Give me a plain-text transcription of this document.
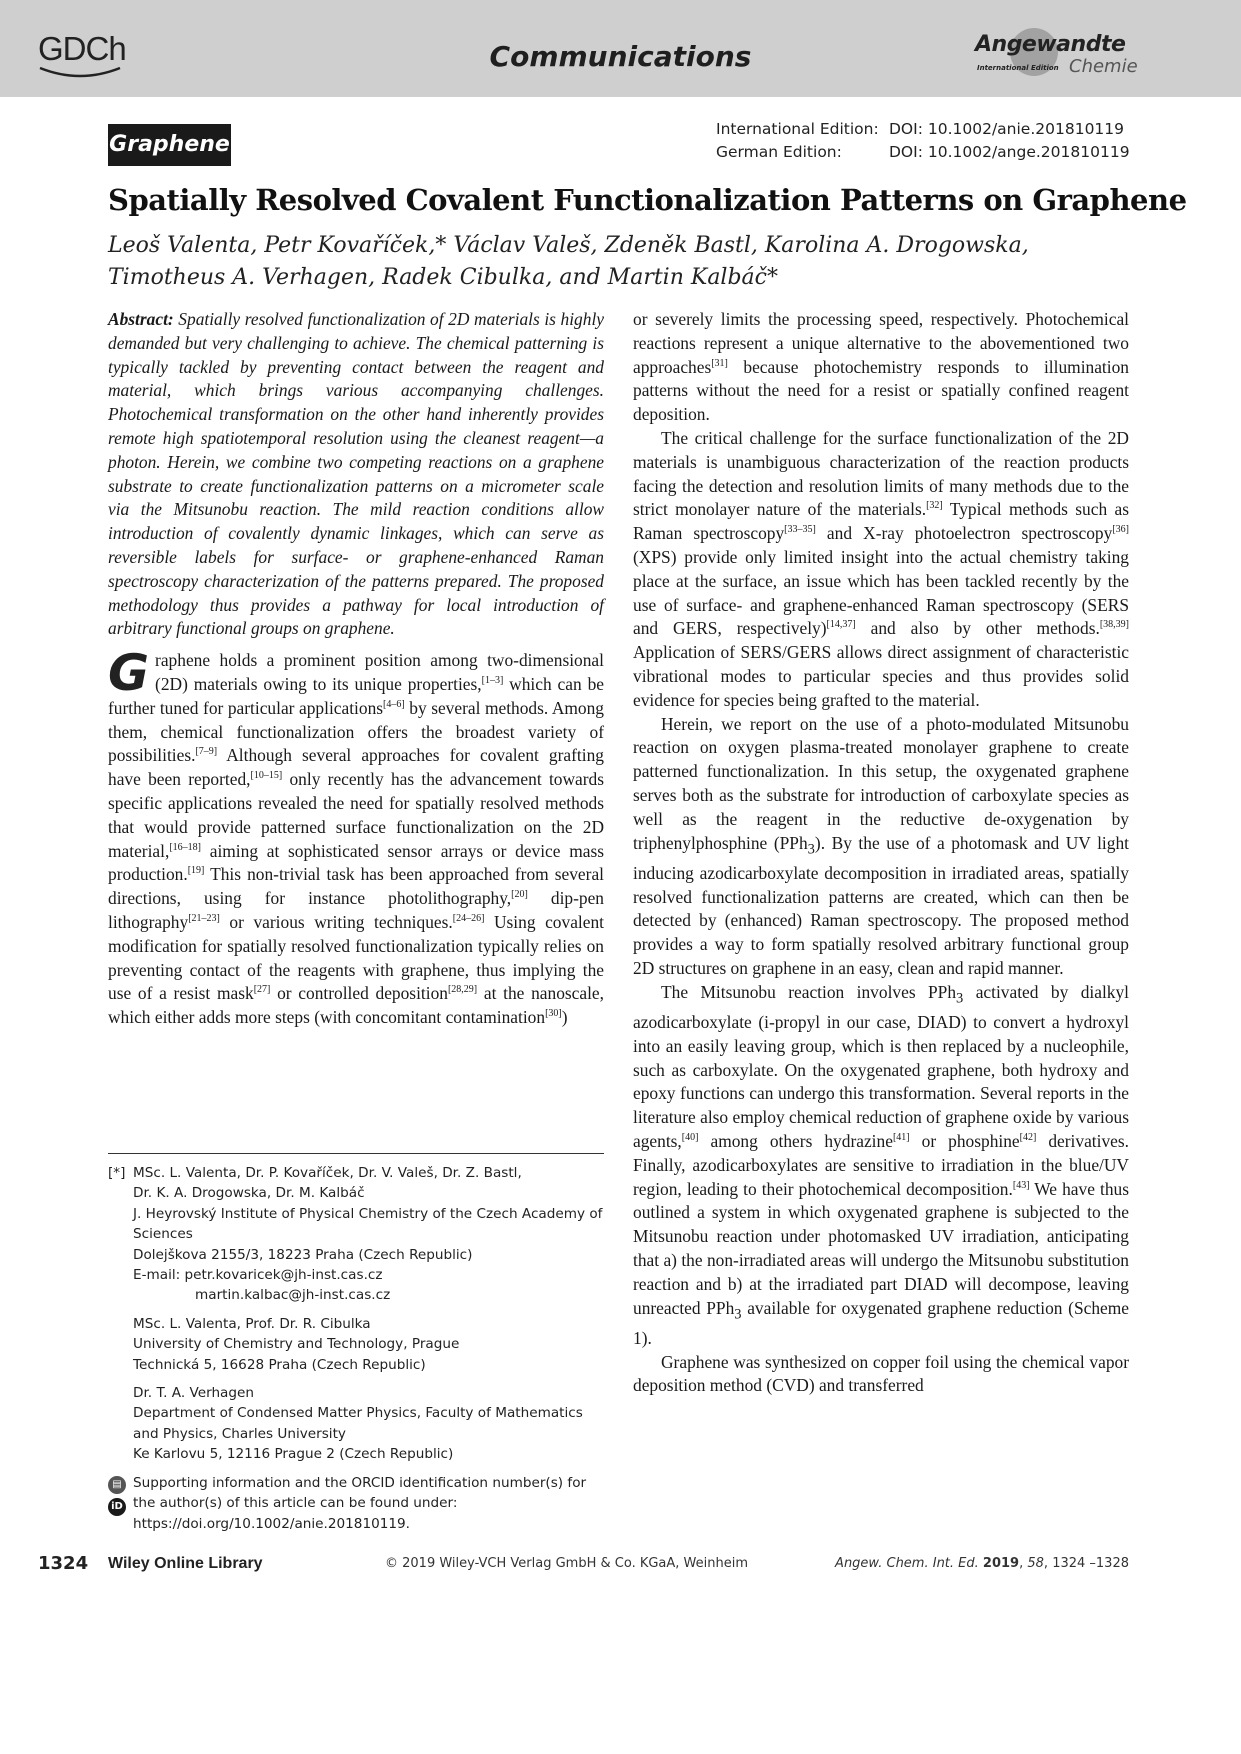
GDCh	Communications	Angewandte
International Edition Chemie
Graphene
International Edition: DOI: 10.1002/anie.201810119
German Edition:	DOI: 10.1002/ange.201810119
Spatially Resolved Covalent Functionalization Patterns on Graphene

Leoš Valenta, Petr Kovaříček,* Václav Valeš, Zdeněk Bastl, Karolina A. Drogowska,

Timotheus A. Verhagen, Radek Cibulka, and Martin Kalbáč*

Abstract: Spatially resolved functionalization of 2D materials is highly demanded but very challenging to achieve. The chemical patterning is typically tackled by preventing contact between the reagent and material, which brings various accompanying challenges. Photochemical transformation on the other hand inherently provides remote high spatiotemporal resolution using the cleanest reagent—a photon. Herein, we combine two competing reactions on a graphene substrate to create functionalization patterns on a micrometer scale via the Mitsunobu reaction. The mild reaction conditions allow introduction of covalently dynamic linkages, which can serve as reversible labels for surface- or graphene-enhanced Raman spectroscopy characterization of the patterns prepared. The proposed methodology thus provides a pathway for local introduction of arbitrary functional groups on graphene.

Graphene holds a prominent position among two-dimensional (2D) materials owing to its unique properties,[1–3] which can be further tuned for particular applications[4–6] by several methods. Among them, chemical functionalization offers the broadest variety of possibilities.[7–9] Although several approaches for covalent grafting have been reported,[10–15] only recently has the advancement towards specific applications revealed the need for spatially resolved methods that would provide patterned surface functionalization on the 2D material,[16–18] aiming at sophisticated sensor arrays or device mass production.[19] This non-trivial task has been approached from several directions, using for instance photolithography,[20] dip-pen lithography[21–23] or various writing techniques.[24–26] Using covalent modification for spatially resolved functionalization typically relies on preventing contact of the reagents with graphene, thus implying the use of a resist mask[27] or controlled deposition[28,29] at the nanoscale, which either adds more steps (with concomitant contamination[30])

or severely limits the processing speed, respectively. Photochemical reactions represent a unique alternative to the abovementioned two approaches[31] because photochemistry responds to illumination patterns without the need for a resist or spatially confined reagent deposition.

The critical challenge for the surface functionalization of the 2D materials is unambiguous characterization of the reaction products facing the detection and resolution limits of many methods due to the strict monolayer nature of the materials.[32] Typical methods such as Raman spectroscopy[33–35] and X-ray photoelectron spectroscopy[36] (XPS) provide only limited insight into the actual chemistry taking place at the surface, an issue which has been tackled recently by the use of surface- and graphene-enhanced Raman spectroscopy (SERS and GERS, respectively)[14,37] and also by other methods.[38,39] Application of SERS/GERS allows direct assignment of characteristic vibrational modes to particular species and thus provides solid evidence for species being grafted to the material.

Herein, we report on the use of a photo-modulated Mitsunobu reaction on oxygen plasma-treated monolayer graphene to create patterned functionalization. In this setup, the oxygenated graphene serves both as the substrate for introduction of carboxylate species as well as the reagent in the reductive de-oxygenation by triphenylphosphine (PPh$_3$). By the use of a photomask and UV light inducing azodicarboxylate decomposition in irradiated areas, spatially resolved functionalization patterns are created, which can then be detected by (enhanced) Raman spectroscopy. The proposed method provides a way to form spatially resolved arbitrary functional group 2D structures on graphene in an easy, clean and rapid manner.

The Mitsunobu reaction involves PPh$_3$ activated by dialkyl azodicarboxylate (i-propyl in our case, DIAD) to convert a hydroxyl into an easily leaving group, which is then replaced by a nucleophile, such as carboxylate. On the oxygenated graphene, both hydroxy and epoxy functions can undergo this transformation. Several reports in the literature also employ chemical reduction of graphene oxide by various agents,[40] among others hydrazine[41] or phosphine[42] derivatives. Finally, azodicarboxylates are sensitive to irradiation in the blue/UV region, leading to their photochemical decomposition.[43] We have thus outlined a system in which oxygenated graphene is subjected to the Mitsunobu reaction under photomasked UV irradiation, anticipating that a) the non-irradiated areas will undergo the Mitsunobu substitution reaction and b) at the irradiated part DIAD will decompose, leaving unreacted PPh$_3$ available for oxygenated graphene reduction (Scheme 1).

Graphene was synthesized on copper foil using the chemical vapor deposition method (CVD) and transferred

[*] MSc. L. Valenta, Dr. P. Kovaříček, Dr. V. Valeš, Dr. Z. Bastl,

Dr. K. A. Drogowska, Dr. M. Kalbáč

J. Heyrovský Institute of Physical Chemistry of the Czech Academy of

Sciences

Dolejškova 2155/3, 18223 Praha (Czech Republic)

E-mail: petr.kovaricek@jh-inst.cas.cz

martin.kalbac@jh-inst.cas.cz

MSc. L. Valenta, Prof. Dr. R. Cibulka

University of Chemistry and Technology, Prague

Technická 5, 16628 Praha (Czech Republic)

Dr. T. A. Verhagen

Department of Condensed Matter Physics, Faculty of Mathematics

and Physics, Charles University

Ke Karlovu 5, 12116 Prague 2 (Czech Republic)

▤
iD

Supporting information and the ORCID identification number(s) for

the author(s) of this article can be found under:

https://doi.org/10.1002/anie.201810119.

1324 Wiley Online Library	© 2019 Wiley-VCH Verlag GmbH & Co. KGaA, Weinheim	Angew. Chem. Int. Ed. 2019, 58, 1324 –1328
